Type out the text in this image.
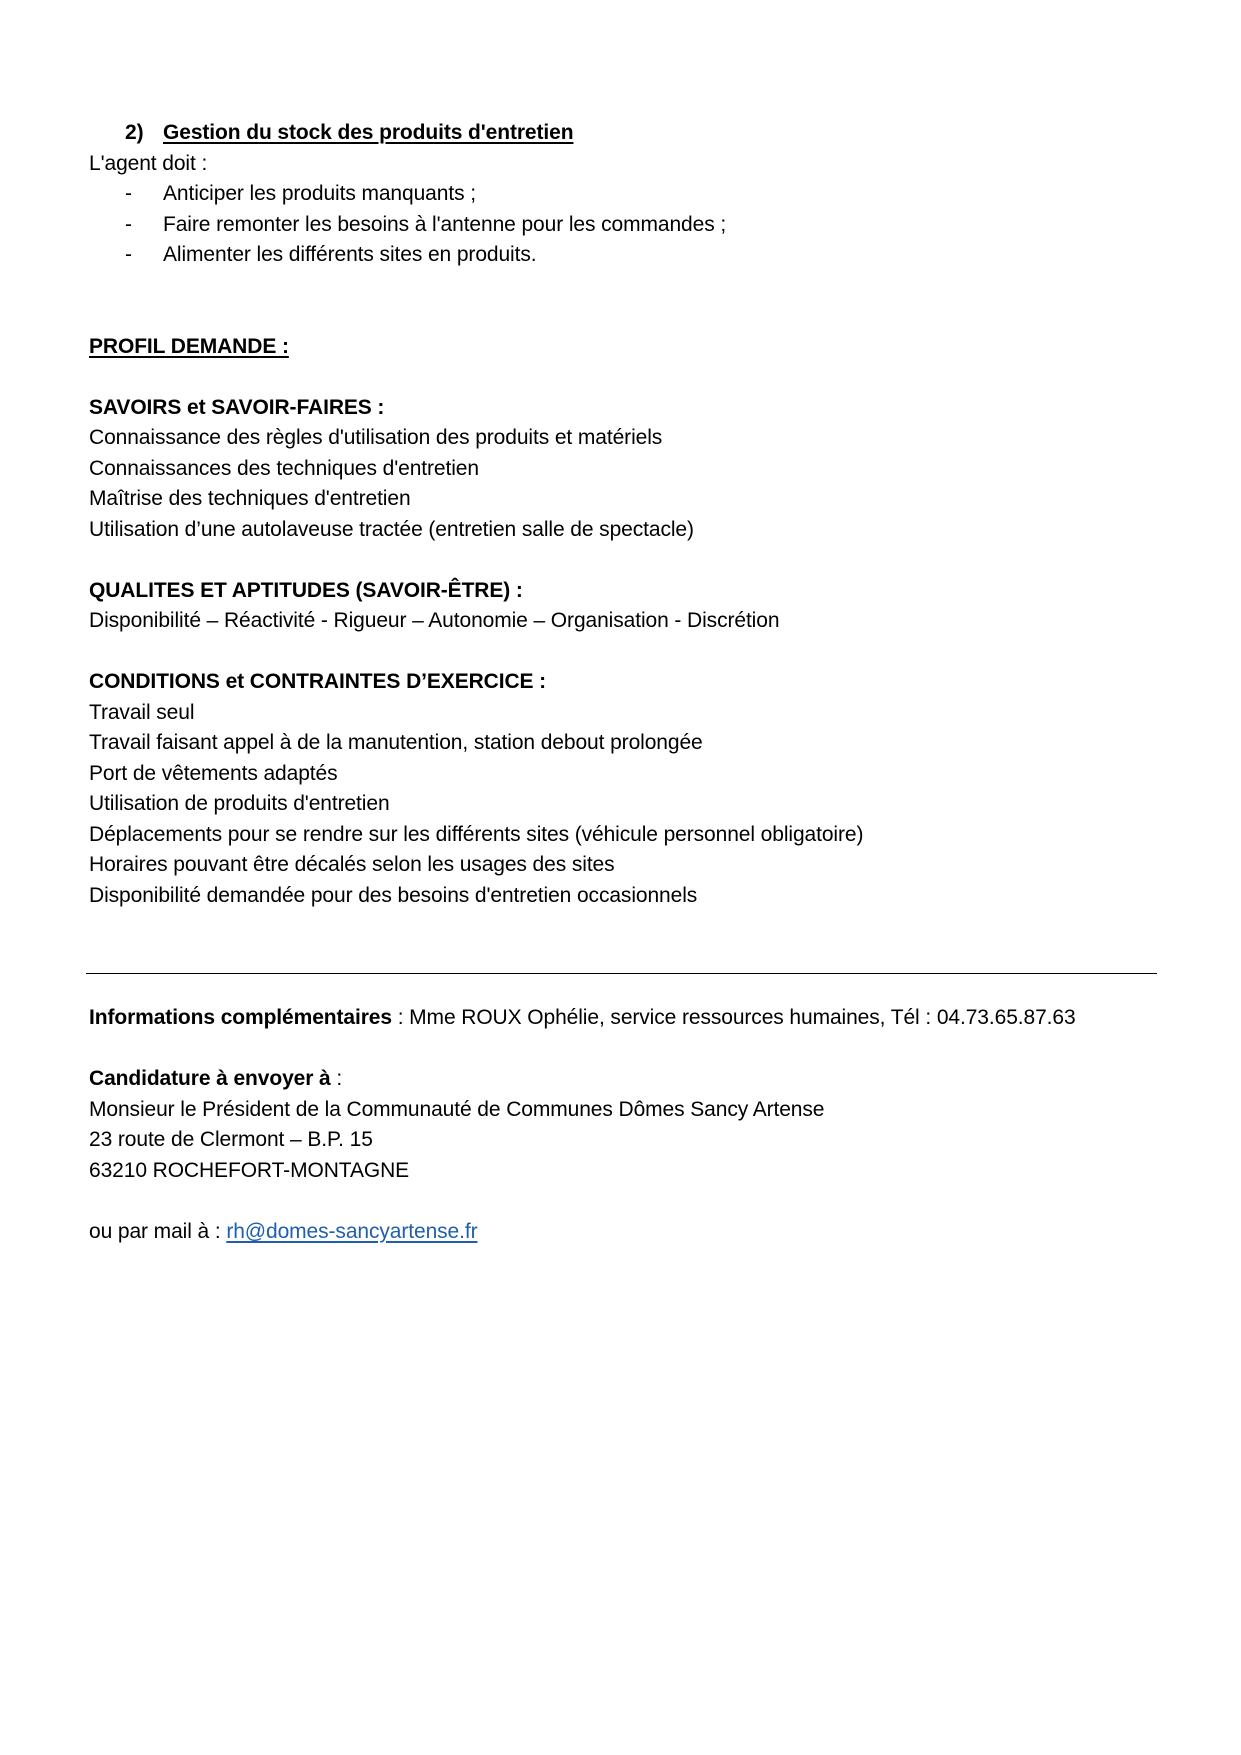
2) Gestion du stock des produits d'entretien
L'agent doit :
- Anticiper les produits manquants ;
- Faire remonter les besoins à l'antenne pour les commandes ;
- Alimenter les différents sites en produits.
PROFIL DEMANDE :
SAVOIRS et SAVOIR-FAIRES :
Connaissance des règles d'utilisation des produits et matériels
Connaissances des techniques d'entretien
Maîtrise des techniques d'entretien
Utilisation d’une autolaveuse tractée (entretien salle de spectacle)
QUALITES ET APTITUDES (SAVOIR-ÊTRE) :
Disponibilité – Réactivité - Rigueur – Autonomie – Organisation - Discrétion
CONDITIONS et CONTRAINTES D’EXERCICE :
Travail seul
Travail faisant appel à de la manutention, station debout prolongée
Port de vêtements adaptés
Utilisation de produits d'entretien
Déplacements pour se rendre sur les différents sites (véhicule personnel obligatoire)
Horaires pouvant être décalés selon les usages des sites
Disponibilité demandée pour des besoins d'entretien occasionnels
Informations complémentaires : Mme ROUX Ophélie, service ressources humaines, Tél : 04.73.65.87.63
Candidature à envoyer à :
Monsieur le Président de la Communauté de Communes Dômes Sancy Artense
23 route de Clermont – B.P. 15
63210 ROCHEFORT-MONTAGNE
ou par mail à : rh@domes-sancyartense.fr
